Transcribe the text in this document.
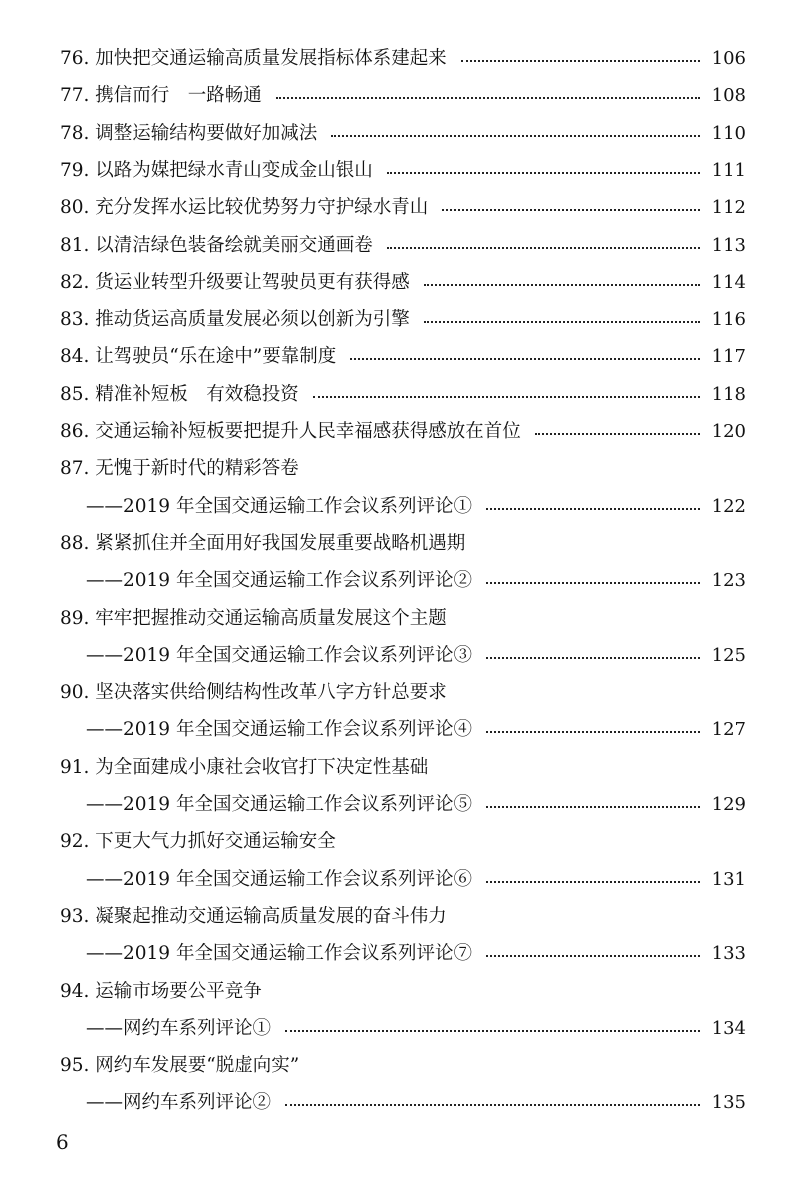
76. 加快把交通运输高质量发展指标体系建起来	106
77. 携信而行　一路畅通	108
78. 调整运输结构要做好加减法	110
79. 以路为媒把绿水青山变成金山银山	111
80. 充分发挥水运比较优势努力守护绿水青山	112
81. 以清洁绿色装备绘就美丽交通画卷	113
82. 货运业转型升级要让驾驶员更有获得感	114
83. 推动货运高质量发展必须以创新为引擎	116
84. 让驾驶员“乐在途中”要靠制度	117
85. 精准补短板　有效稳投资	118
86. 交通运输补短板要把提升人民幸福感获得感放在首位	120
87. 无愧于新时代的精彩答卷
——2019 年全国交通运输工作会议系列评论①	122
88. 紧紧抓住并全面用好我国发展重要战略机遇期
——2019 年全国交通运输工作会议系列评论②	123
89. 牢牢把握推动交通运输高质量发展这个主题
——2019 年全国交通运输工作会议系列评论③	125
90. 坚决落实供给侧结构性改革八字方针总要求
——2019 年全国交通运输工作会议系列评论④	127
91. 为全面建成小康社会收官打下决定性基础
——2019 年全国交通运输工作会议系列评论⑤	129
92. 下更大气力抓好交通运输安全
——2019 年全国交通运输工作会议系列评论⑥	131
93. 凝聚起推动交通运输高质量发展的奋斗伟力
——2019 年全国交通运输工作会议系列评论⑦	133
94. 运输市场要公平竞争
——网约车系列评论①	134
95. 网约车发展要“脱虚向实”
——网约车系列评论②	135
6
